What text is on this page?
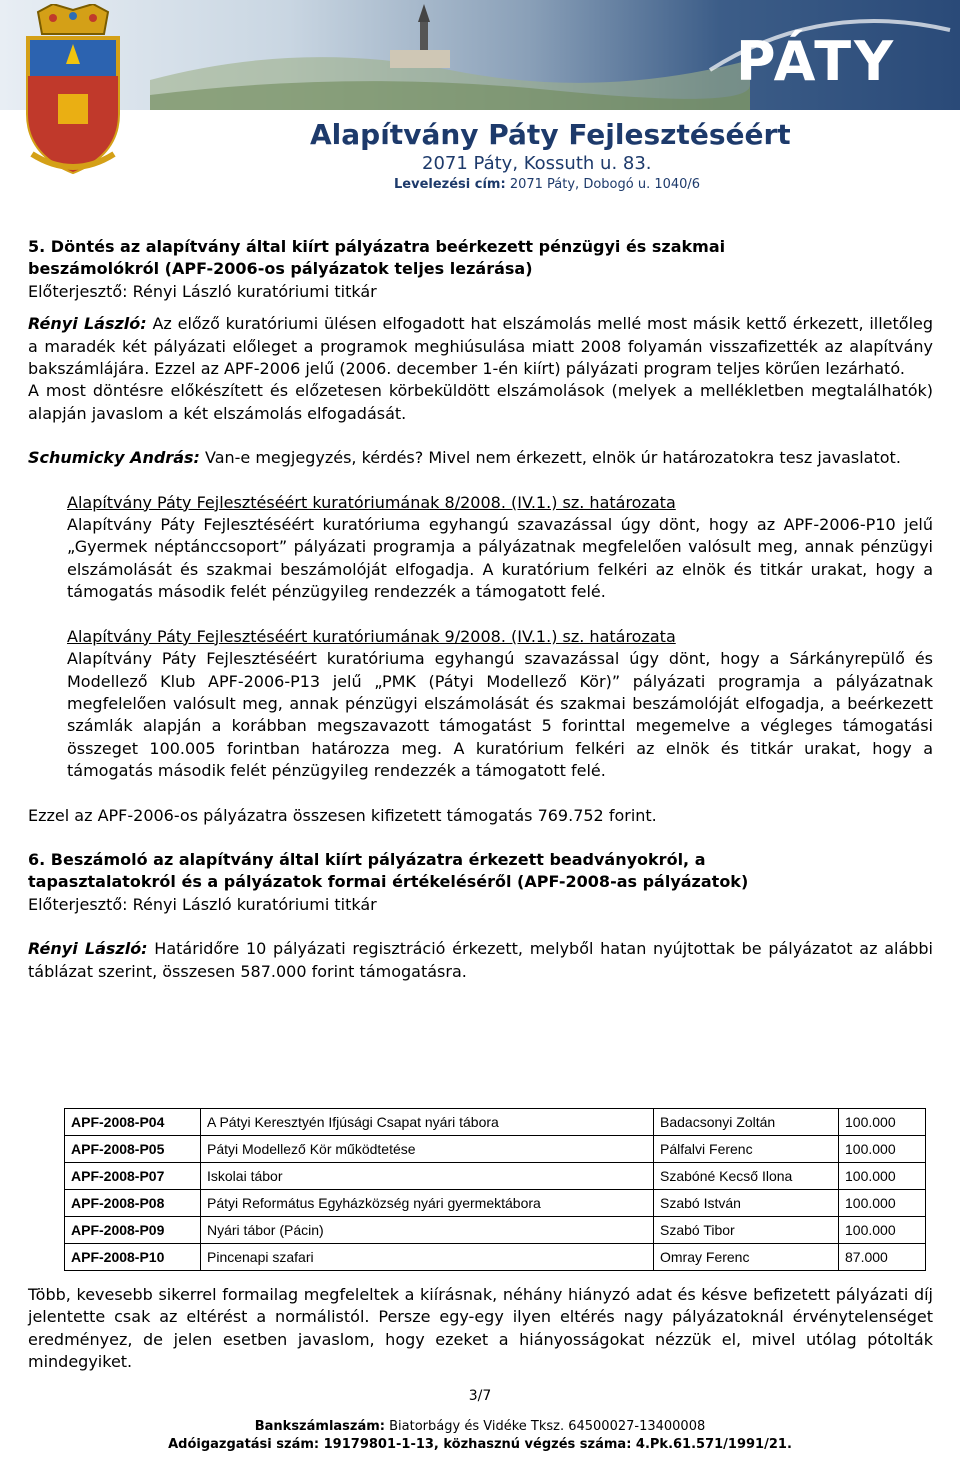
PÁTY
Alapítvány Páty Fejlesztéséért
2071 Páty, Kossuth u. 83.
Levelezési cím: 2071 Páty, Dobogó u. 1040/6

5. Döntés az alapítvány által kiírt pályázatra beérkezett pénzügyi és szakmai

beszámolókról (APF-2006-os pályázatok teljes lezárása)

Előterjesztő: Rényi László kuratóriumi titkár

Rényi László: Az előző kuratóriumi ülésen elfogadott hat elszámolás mellé most másik kettő érkezett, illetőleg a maradék két pályázati előleget a programok meghiúsulása miatt 2008 folyamán visszafizették az alapítvány bakszámlájára. Ezzel az APF-2006 jelű (2006. december 1-én kiírt) pályázati program teljes körűen lezárható.

A most döntésre előkészített és előzetesen körbeküldött elszámolások (melyek a mellékletben megtalálhatók) alapján javaslom a két elszámolás elfogadását.

Schumicky András: Van-e megjegyzés, kérdés? Mivel nem érkezett, elnök úr határozatokra tesz javaslatot.

Alapítvány Páty Fejlesztéséért kuratóriumának 8/2008. (IV.1.) sz. határozata

Alapítvány Páty Fejlesztéséért kuratóriuma egyhangú szavazással úgy dönt, hogy az APF-2006-P10 jelű „Gyermek néptánccsoport” pályázati programja a pályázatnak megfelelően valósult meg, annak pénzügyi elszámolását és szakmai beszámolóját elfogadja. A kuratórium felkéri az elnök és titkár urakat, hogy a támogatás második felét pénzügyileg rendezzék a támogatott felé.

Alapítvány Páty Fejlesztéséért kuratóriumának 9/2008. (IV.1.) sz. határozata

Alapítvány Páty Fejlesztéséért kuratóriuma egyhangú szavazással úgy dönt, hogy a Sárkányrepülő és Modellező Klub APF-2006-P13 jelű „PMK (Pátyi Modellező Kör)” pályázati programja a pályázatnak megfelelően valósult meg, annak pénzügyi elszámolását és szakmai beszámolóját elfogadja, a beérkezett számlák alapján a korábban megszavazott támogatást 5 forinttal megemelve a végleges támogatási összeget 100.005 forintban határozza meg. A kuratórium felkéri az elnök és titkár urakat, hogy a támogatás második felét pénzügyileg rendezzék a támogatott felé.

Ezzel az APF-2006-os pályázatra összesen kifizetett támogatás 769.752 forint.

6. Beszámoló az alapítvány által kiírt pályázatra érkezett beadványokról, a

tapasztalatokról és a pályázatok formai értékeléséről (APF-2008-as pályázatok)

Előterjesztő: Rényi László kuratóriumi titkár

Rényi László: Határidőre 10 pályázati regisztráció érkezett, melyből hatan nyújtottak be pályázatot az alábbi táblázat szerint, összesen 587.000 forint támogatásra.

APF-2008-P04	A Pátyi Keresztyén Ifjúsági Csapat nyári tábora	Badacsonyi Zoltán	100.000
APF-2008-P05	Pátyi Modellező Kör működtetése	Pálfalvi Ferenc	100.000
APF-2008-P07	Iskolai tábor	Szabóné Kecső Ilona	100.000
APF-2008-P08	Pátyi Református Egyházközség nyári gyermektábora	Szabó István	100.000
APF-2008-P09	Nyári tábor (Pácin)	Szabó Tibor	100.000
APF-2008-P10	Pincenapi szafari	Omray Ferenc	87.000

Több, kevesebb sikerrel formailag megfeleltek a kiírásnak, néhány hiányzó adat és késve befizetett pályázati díj jelentette csak az eltérést a normálistól. Persze egy-egy ilyen eltérés nagy pályázatoknál érvénytelenséget eredményez, de jelen esetben javaslom, hogy ezeket a hiányosságokat nézzük el, mivel utólag pótolták mindegyiket.

3/7
Bankszámlaszám: Biatorbágy és Vidéke Tksz. 64500027-13400008
Adóigazgatási szám: 19179801-1-13, közhasznú végzés száma: 4.Pk.61.571/1991/21.
